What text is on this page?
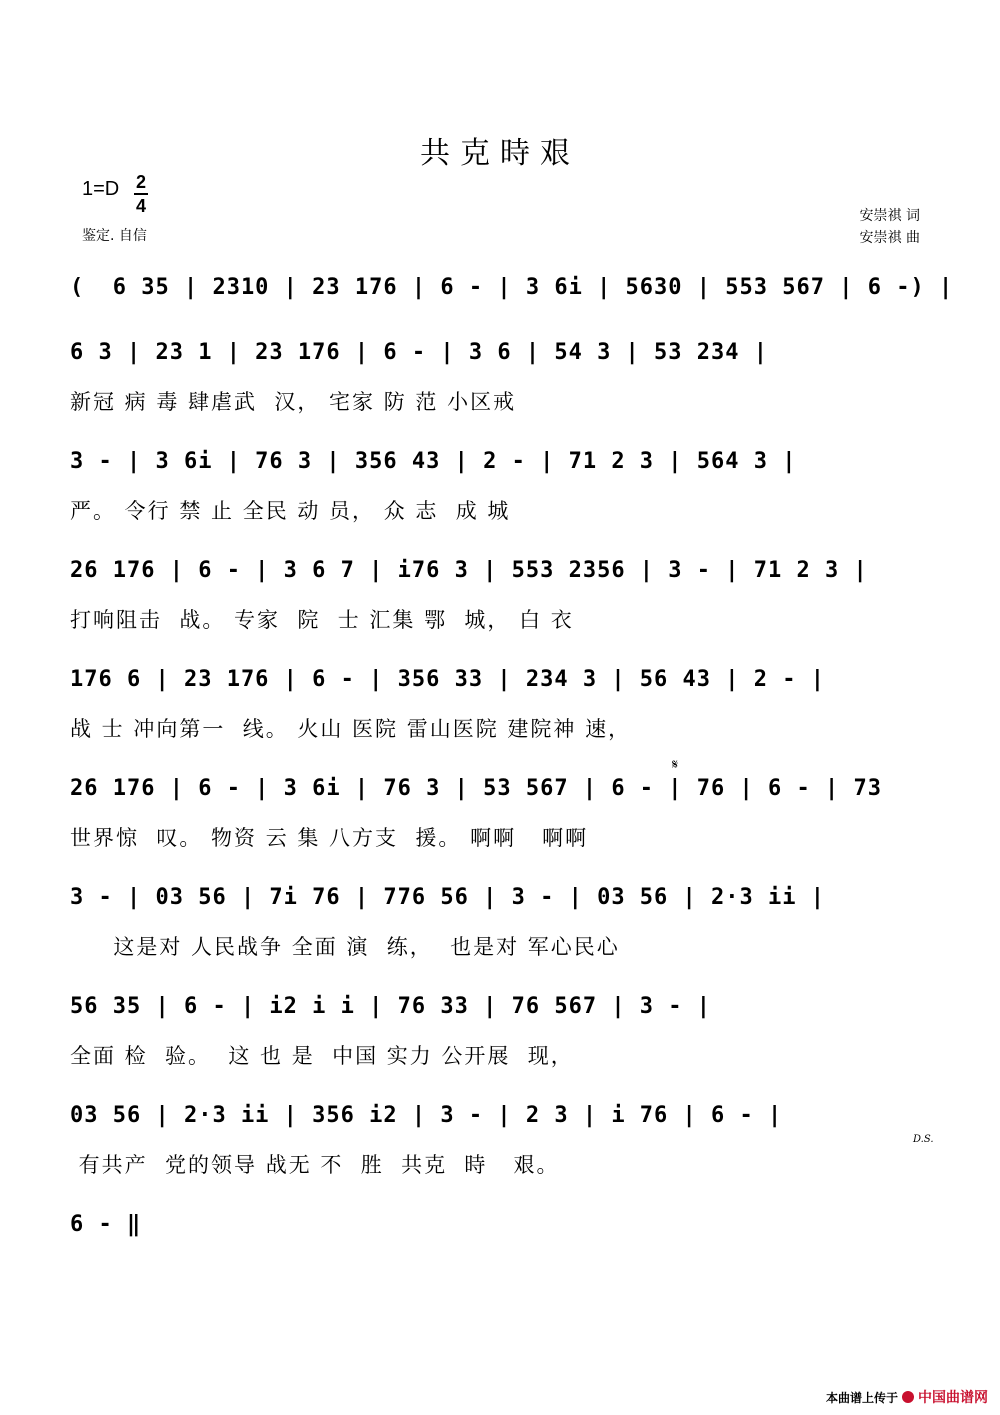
共克時艰
1=D 2
4
鉴定. 自信
安崇祺 词
安崇祺 曲
(  6 35 | 2310 | 23 176 | 6 - | 3 6i | 5630 | 553 567 | 6 -) |
6 3 | 23 1 | 23 176 | 6 - | 3 6 | 54 3 | 53 234 |
新冠 病 毒 肆虐武  汉， 宅家 防 范 小区戒
3 - | 3 6i | 76 3 | 356 43 | 2 - | 71 2 3 | 564 3 |
严。 令行 禁 止 全民 动 员， 众 志  成 城
26 176 | 6 - | 3 6 7 | i76 3 | 553 2356 | 3 - | 71 2 3 |
打响阻击  战。 专家  院  士 汇集 鄂  城， 白 衣
176 6 | 23 176 | 6 - | 356 33 | 234 3 | 56 43 | 2 - |
战 士 冲向第一  线。 火山 医院 雷山医院 建院神 速，
26 176 | 6 - | 3 6i | 76 3 | 53 567 | 6 - | 76 | 6 - | 73
世界惊  叹。 物资 云 集 八方支  援。 啊啊   啊啊
𝄋
3 - | 03 56 | 7i 76 | 776 56 | 3 - | 03 56 | 2·3 ii |
这是对 人民战争 全面 演  练，  也是对 军心民心
56 35 | 6 - | i2 i i | 76 33 | 76 567 | 3 - |
全面 检  验。  这 也 是  中国 实力 公开展  现，
03 56 | 2·3 ii | 356 i2 | 3 - | 2 3 | i 76 | 6 - |
有共产  党的领导 战无 不  胜  共克  時   艰。
D.S.
6 - ‖
本曲谱上传于 中国曲谱网
